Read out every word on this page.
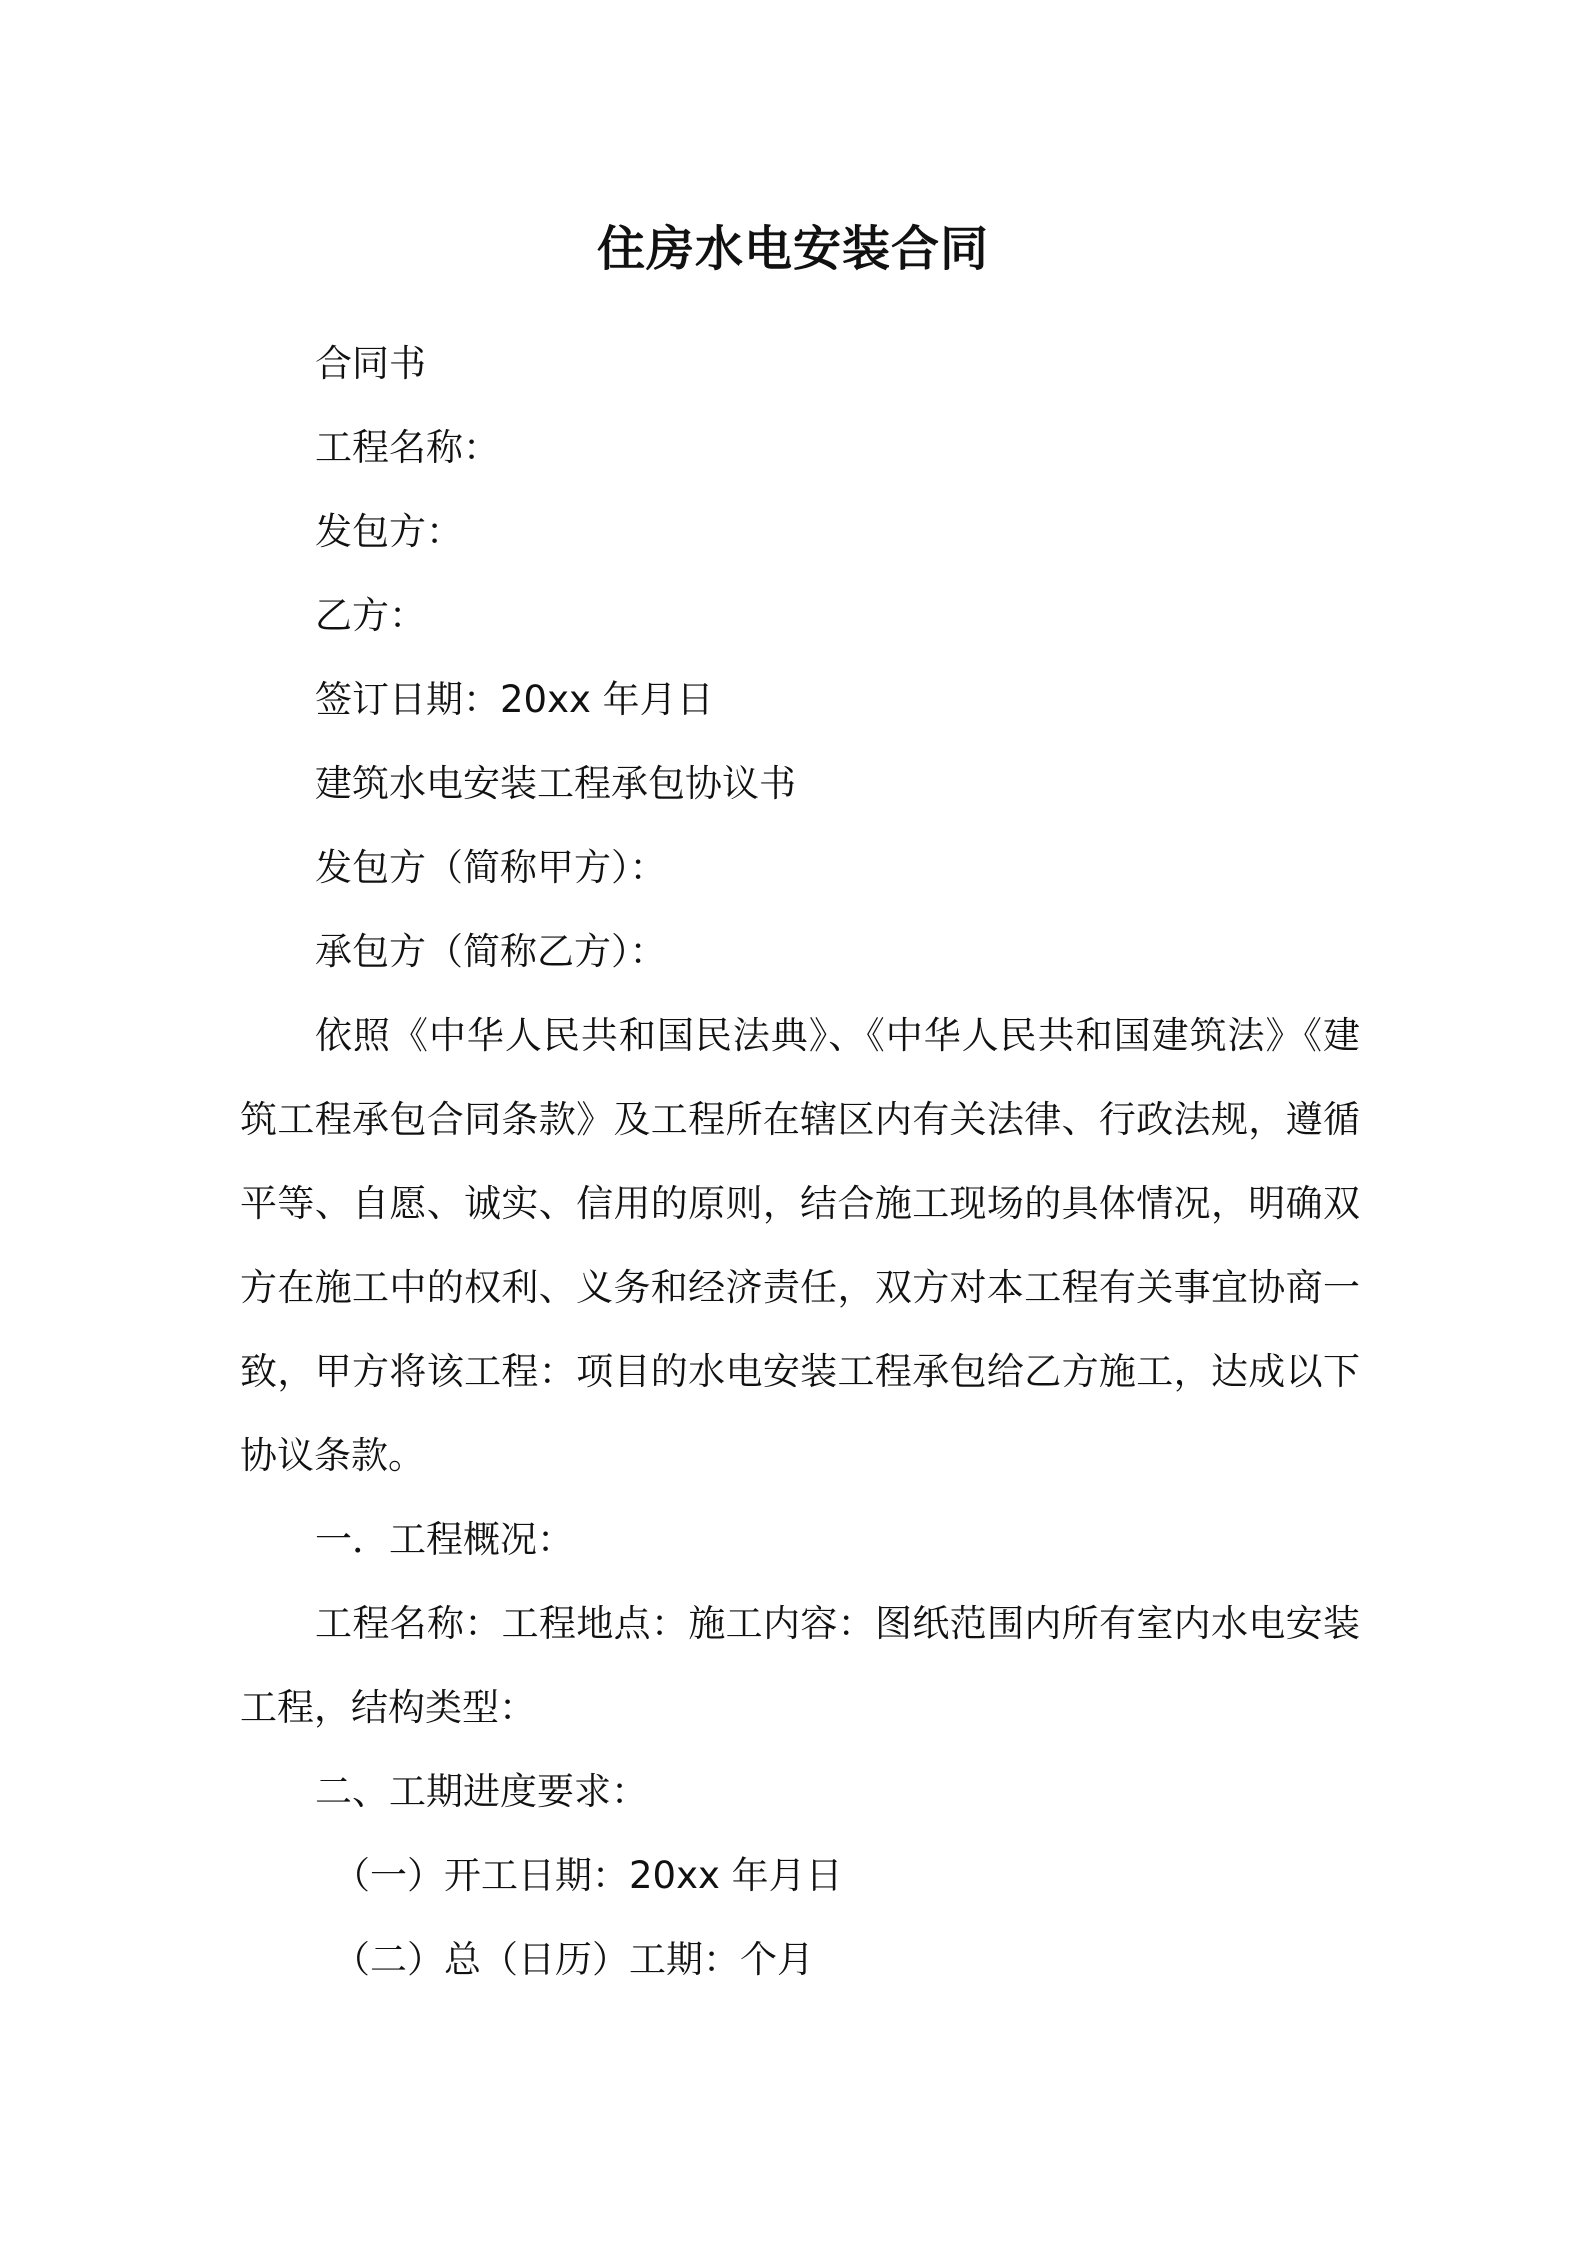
住房水电安装合同

合同书

工程名称：

发包方：

乙方：

签订日期：20xx 年月日

建筑水电安装工程承包协议书

发包方（简称甲方）：

承包方（简称乙方）：

依照《中华人民共和国民法典》、《中华人民共和国建筑法》《建筑工程承包合同条款》及工程所在辖区内有关法律、行政法规，遵循平等、自愿、诚实、信用的原则，结合施工现场的具体情况，明确双方在施工中的权利、义务和经济责任，双方对本工程有关事宜协商一致，甲方将该工程：项目的水电安装工程承包给乙方施工，达成以下协议条款。

一．工程概况：

工程名称：工程地点：施工内容：图纸范围内所有室内水电安装工程，结构类型：

二、工期进度要求：

（一）开工日期：20xx 年月日

（二）总（日历）工期：个月
